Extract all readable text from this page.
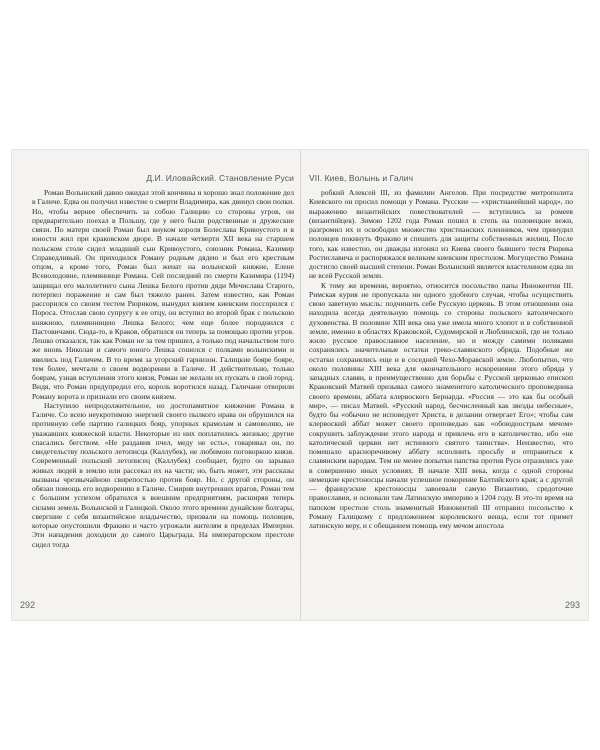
Д.И. Иловайский. Становление Руси

Роман Волынский давно ожидал этой кончины и хорошо знал положение дел в Галиче. Едва он получил известие о смерти Владимира, как двинул свои полки. Но, чтобы вернее обеспечить за собою Галицию со стороны угров, он предварительно поехал в Польшу, где у него были родственные и дружеские связи. По матери своей Роман был внуком короля Болеслава Кривоустого и в юности жил при краковском дворе. В начале четверти XII века на старшем польском столе сидел младший сын Кривоустого, союзник Романа, Казимир Справедливый. Он приходился Роману родным дядею и был его крестным отцом, а кроме того, Роман был женат на волынской княжне, Елене Всеволодовне, племяннице Романа. Сей последний по смерти Казимира (1194) защищал его малолетнего сына Лешка Белого против дяди Мечислава Старого, потерпел поражение и сам был тяжело ранен. Затем известно, как Роман рассорился со своим тестем Рюриком, вынудил князем киевским поссорился с Пороса. Отослав свою супругу к ее отцу, он вступил во второй брак с польскою княжною, племянницею Лешка Белого; чем еще более породнился с Пастовичами. Сюда-то, в Краков, обратился он теперь за помощью против угров. Лешко отказался, так как Роман не за тем пришел, а только под начальством того же вновь Николая и самого юного Лешка сошелся с полками волынскими и явились под Галичем. В то время за угорский гарнизон. Галицкие бояре бояре, тем более, мечтали о своем водворении в Галиче. И действительно, только боярам, узнав вступления этого князя, Роман не желали их пускать в свой город. Видя, что Роман предупредил его, король воротился назад. Галичане отворили Роману ворота и признали его своим князем.

Наступило непродолжительное, но достопамятное княжение Романа в Галиче. Со всею неукротимою энергией своего пылкого нрава он обрушился на противную себе партию галицких бояр, упорных крамолам и самоволию, не уважавших княжеской власти. Некоторые из них поплатились жизнью; другие спасались бегством. «Не раздавив пчел, меду не есть», говаривал он, по свидетельству польского летописца (Каллубек), не любимою поговоркою князя. Современный польский летописец (Каллубек) сообщает, будто он зарывал живых людей в землю или рассекал их на части; но, быть может, эти рассказы вызваны чрезвычайною свирепостью против бояр. Но, с другой стороны, он обязан помощь его водворению в Галиче. Смирив внутренних врагов, Роман тем с большим успехом обратился к внешним предприятиям, расширяя теперь силами земель Волынской и Галицкой. Около этого времени дунайские болгары, свергшие с себя византийское владычество, призвали на помощь половцев, которые опустошили Фракию и часто угрожали жителям в пределах Империи. Эти нападения доходили до самого Царьграда. На императорском престоле сидел тогда

292
VII. Киев, Волынь и Галич

робкий Алексей III, из фамилии Ангелов. При посредстве митрополита Киевского он просил помощи у Романа. Русские — «христианейший народ», по выражению византийских повествователей — вступились за ромеев (византийцев). Зимою 1202 года Роман пошел в степь на половецкие вежи, разгромил их и освободил множество христианских пленников, чем принудил половцев покинуть Фракию и спешить для защиты собственных жилищ. После того, как известно, он дважды изгонял из Киева своего бывшего тестя Рюрика Ростиславича и распоряжался великим киевским престолом. Могущество Романа достигло своей высшей степени. Роман Волынский является властелином едва ли не всей Русской земли.

К тому же времени, вероятно, относится посольство папы Иннокентия III. Римская курия не пропускала ни одного удобного случая, чтобы осуществить свою заветную мысль: подчинить себе Русскую церковь. В этом отношении она находила всегда деятельную помощь со стороны польского католического духовенства. В половине XIII века она уже имела много хлопот и в собственной земле, именно в областях Краковской, Судомирской и Люблинской, где не только жило русское православное население, но и между самими поляками сохранялись значительные остатки греко-славянского обряда. Подобные же остатки сохранялись еще и в соседней Чехо-Моравской земле. Любопытно, что около половины XIII века для окончательного искоренения этого обряда у западных славян, в преимущественно для борьбы с Русской церковью епископ Краковский Матвей призывал самого знаменитого католического проповедника своего времени, аббата клервоского Бернарда. «Россия — это как бы особый мир», — писал Матвей. «Русский народ, бесчисленный как звезды небесные», будто бы «обычно не исповедует Христа, в делании отвергает Его»; чтобы сам клервоский аббат может своего проповедью как «обоюдоострым мечом» сокрушить заблуждение этого народа и привлечь его в католичество, ибо «не католической церкви нет истинного святого таинства». Неизвестно, что помешало красноречивому аббату исполнить просьбу и отправиться к славянским народам. Тем не менее попытки папства против Руси отразились уже в совершенно иных условиях. В начале XIII века, когда с одной стороны немецкие крестоносцы начали успешное покорение Балтийского края; а с другой — французские крестоносцы завоевали самую Византию, средоточие православия, и основали там Латинскую империю в 1204 году. В это-то время на папском престоле столь знаменитый Иннокентий III отправил посольство к Роману Галицкому с предложением королевского венца, если тот примет латинскую веру, и с обещанием помощь ему мечом апостола

293
